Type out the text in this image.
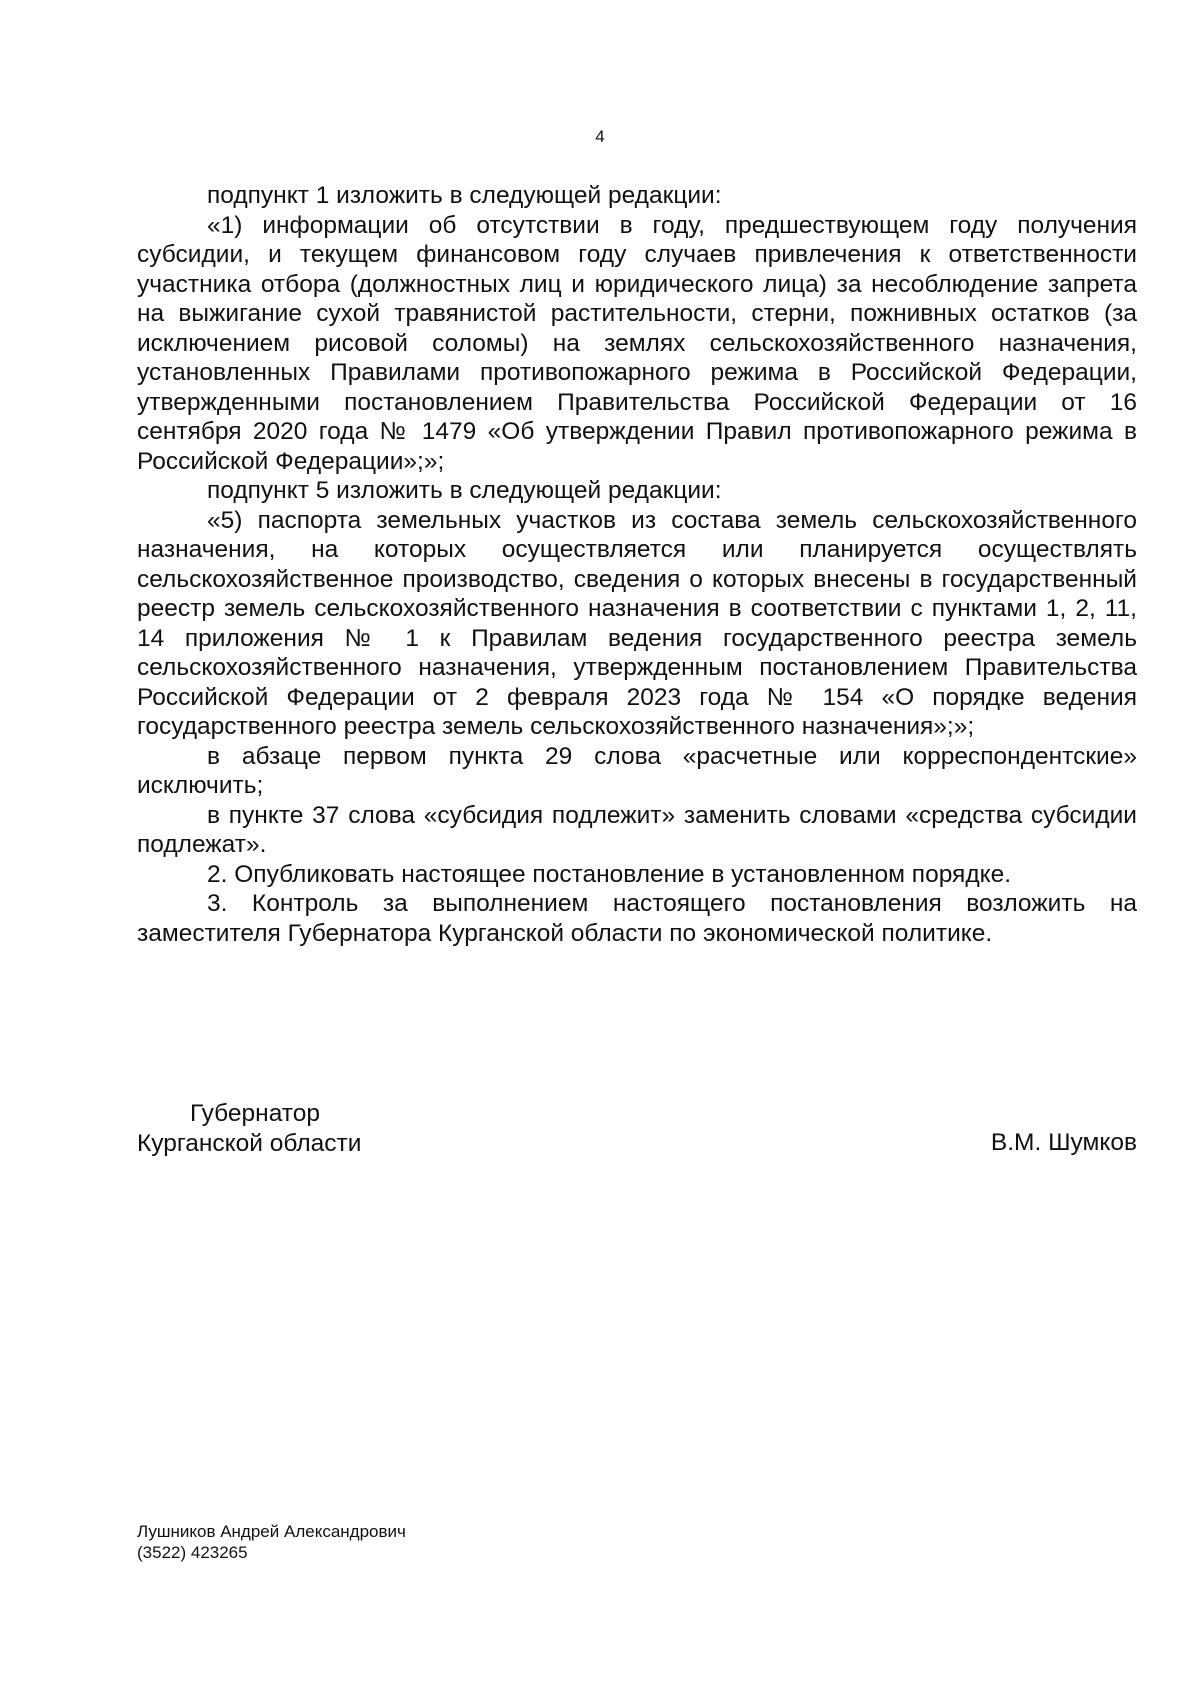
4

подпункт 1 изложить в следующей редакции:

«1) информации об отсутствии в году, предшествующем году получения субсидии, и текущем финансовом году случаев привлечения к ответственности участника отбора (должностных лиц и юридического лица) за несоблюдение запрета на выжигание сухой травянистой растительности, стерни, пожнивных остатков (за исключением рисовой соломы) на землях сельскохозяйственного назначения, установленных Правилами противопожарного режима в Российской Федерации, утвержденными постановлением Правительства Российской Федерации от 16 сентября 2020 года № 1479 «Об утверждении Правил противопожарного режима в Российской Федерации»;»;

подпункт 5 изложить в следующей редакции:

«5) паспорта земельных участков из состава земель сельскохозяйственного назначения, на которых осуществляется или планируется осуществлять сельскохозяйственное производство, сведения о которых внесены в государственный реестр земель сельскохозяйственного назначения в соответствии с пунктами 1, 2, 11, 14 приложения № 1 к Правилам ведения государственного реестра земель сельскохозяйственного назначения, утвержденным постановлением Правительства Российской Федерации от 2 февраля 2023 года № 154 «О порядке ведения государственного реестра земель сельскохозяйственного назначения»;»;

в абзаце первом пункта 29 слова «расчетные или корреспондентские» исключить;

в пункте 37 слова «субсидия подлежит» заменить словами «средства субсидии подлежат».

2. Опубликовать настоящее постановление в установленном порядке.

3. Контроль за выполнением настоящего постановления возложить на заместителя Губернатора Курганской области по экономической политике.

Губернатор
Курганской области	В.М. Шумков
Лушников Андрей Александрович
(3522) 423265
